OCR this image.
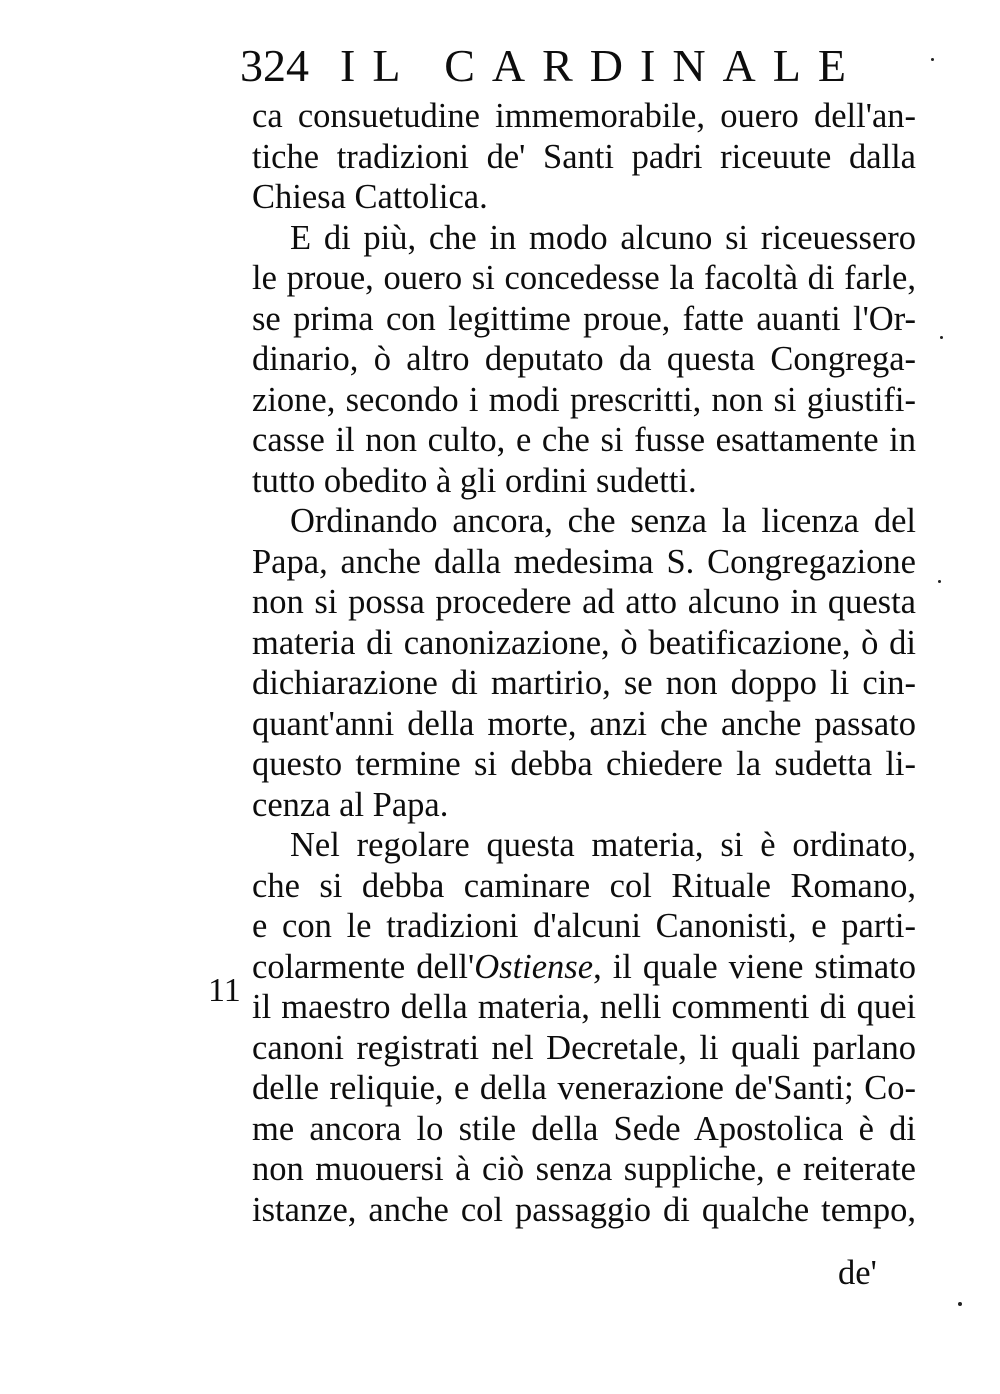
324 IL CARDINALE
ca consuetudine immemorabile, ouero dell'an-
tiche tradizioni de' Santi padri riceuute dalla
Chiesa Cattolica.
E di più, che in modo alcuno si riceuessero
le proue, ouero si concedesse la facoltà di farle,
se prima con legittime proue, fatte auanti l'Or-
dinario, ò altro deputato da questa Congrega-
zione, secondo i modi prescritti, non si giustifi-
casse il non culto, e che si fusse esattamente in
tutto obedito à gli ordini sudetti.
Ordinando ancora, che senza la licenza del
Papa, anche dalla medesima S. Congregazione
non si possa procedere ad atto alcuno in questa
materia di canonizazione, ò beatificazione, ò di
dichiarazione di martirio, se non doppo li cin-
quant'anni della morte, anzi che anche passato
questo termine si debba chiedere la sudetta li-
cenza al Papa.
Nel regolare questa materia, si è ordinato,
che si debba caminare col Rituale Romano,
e con le tradizioni d'alcuni Canonisti, e parti-
colarmente dell'Ostiense, il quale viene stimato
il maestro della materia, nelli commenti di quei
canoni registrati nel Decretale, li quali parlano
delle reliquie, e della venerazione de'Santi; Co-
me ancora lo stile della Sede Apostolica è di
non muouersi à ciò senza suppliche, e reiterate
istanze, anche col passaggio di qualche tempo,
11
de'
